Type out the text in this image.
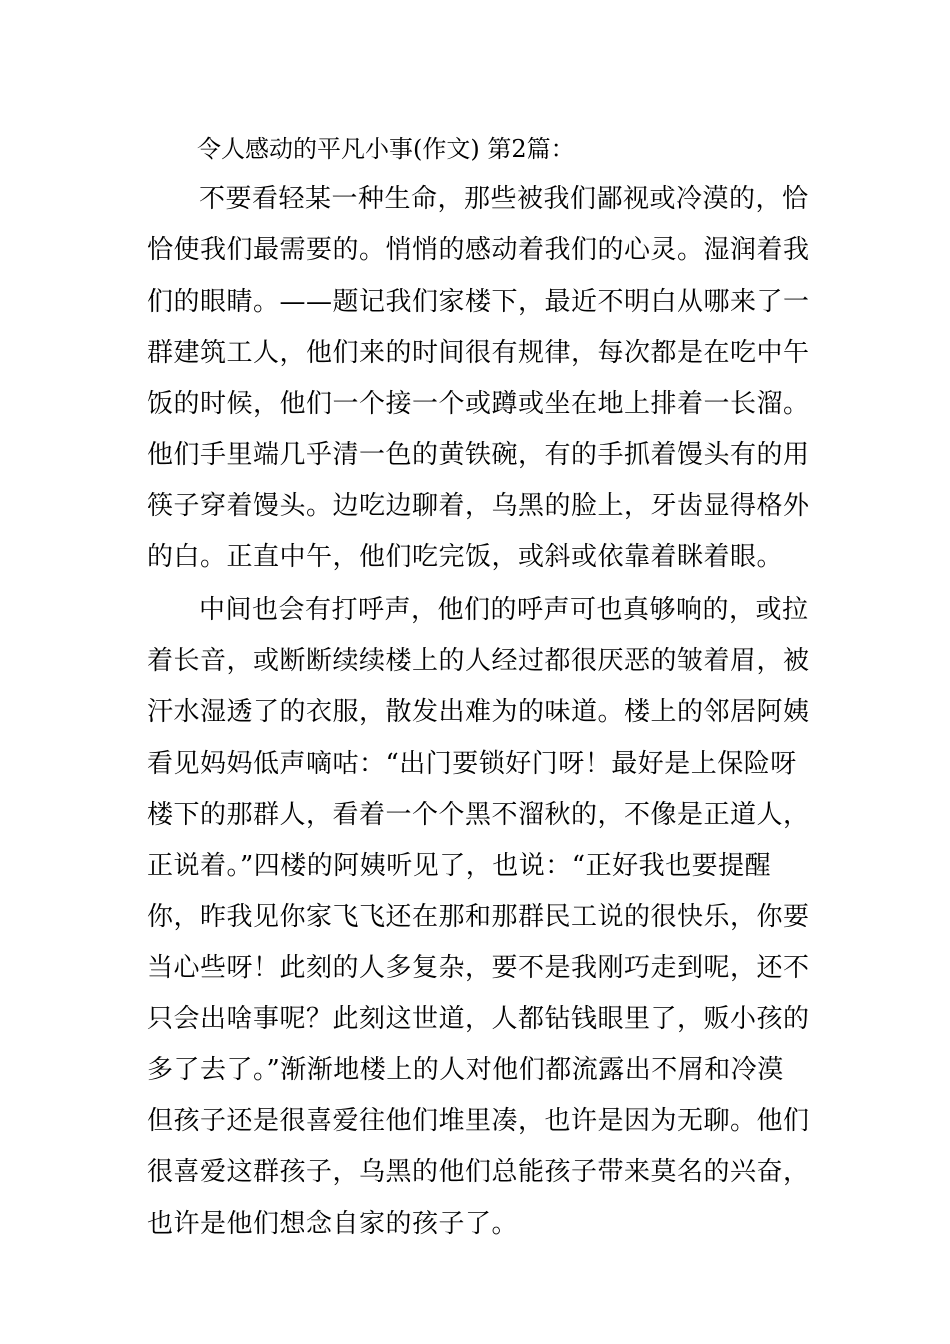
令人感动的平凡小事(作文) 第2篇：
不要看轻某一种生命，那些被我们鄙视或冷漠的，恰
恰使我们最需要的。悄悄的感动着我们的心灵。湿润着我
们的眼睛。——题记我们家楼下，最近不明白从哪来了一
群建筑工人，他们来的时间很有规律，每次都是在吃中午
饭的时候，他们一个接一个或蹲或坐在地上排着一长溜。
他们手里端几乎清一色的黄铁碗，有的手抓着馒头有的用
筷子穿着馒头。边吃边聊着，乌黑的脸上，牙齿显得格外
的白。正直中午，他们吃完饭，或斜或依靠着眯着眼。
中间也会有打呼声，他们的呼声可也真够响的，或拉
着长音，或断断续续楼上的人经过都很厌恶的皱着眉，被
汗水湿透了的衣服，散发出难为的味道。楼上的邻居阿姨
看见妈妈低声嘀咕：“出门要锁好门呀！最好是上保险呀
楼下的那群人，看着一个个黑不溜秋的，不像是正道人，
正说着。”四楼的阿姨听见了，也说：“正好我也要提醒
你，昨我见你家飞飞还在那和那群民工说的很快乐，你要
当心些呀！此刻的人多复杂，要不是我刚巧走到呢，还不
只会出啥事呢？此刻这世道，人都钻钱眼里了，贩小孩的
多了去了。”渐渐地楼上的人对他们都流露出不屑和冷漠
但孩子还是很喜爱往他们堆里凑，也许是因为无聊。他们
很喜爱这群孩子，乌黑的他们总能孩子带来莫名的兴奋，
也许是他们想念自家的孩子了。
